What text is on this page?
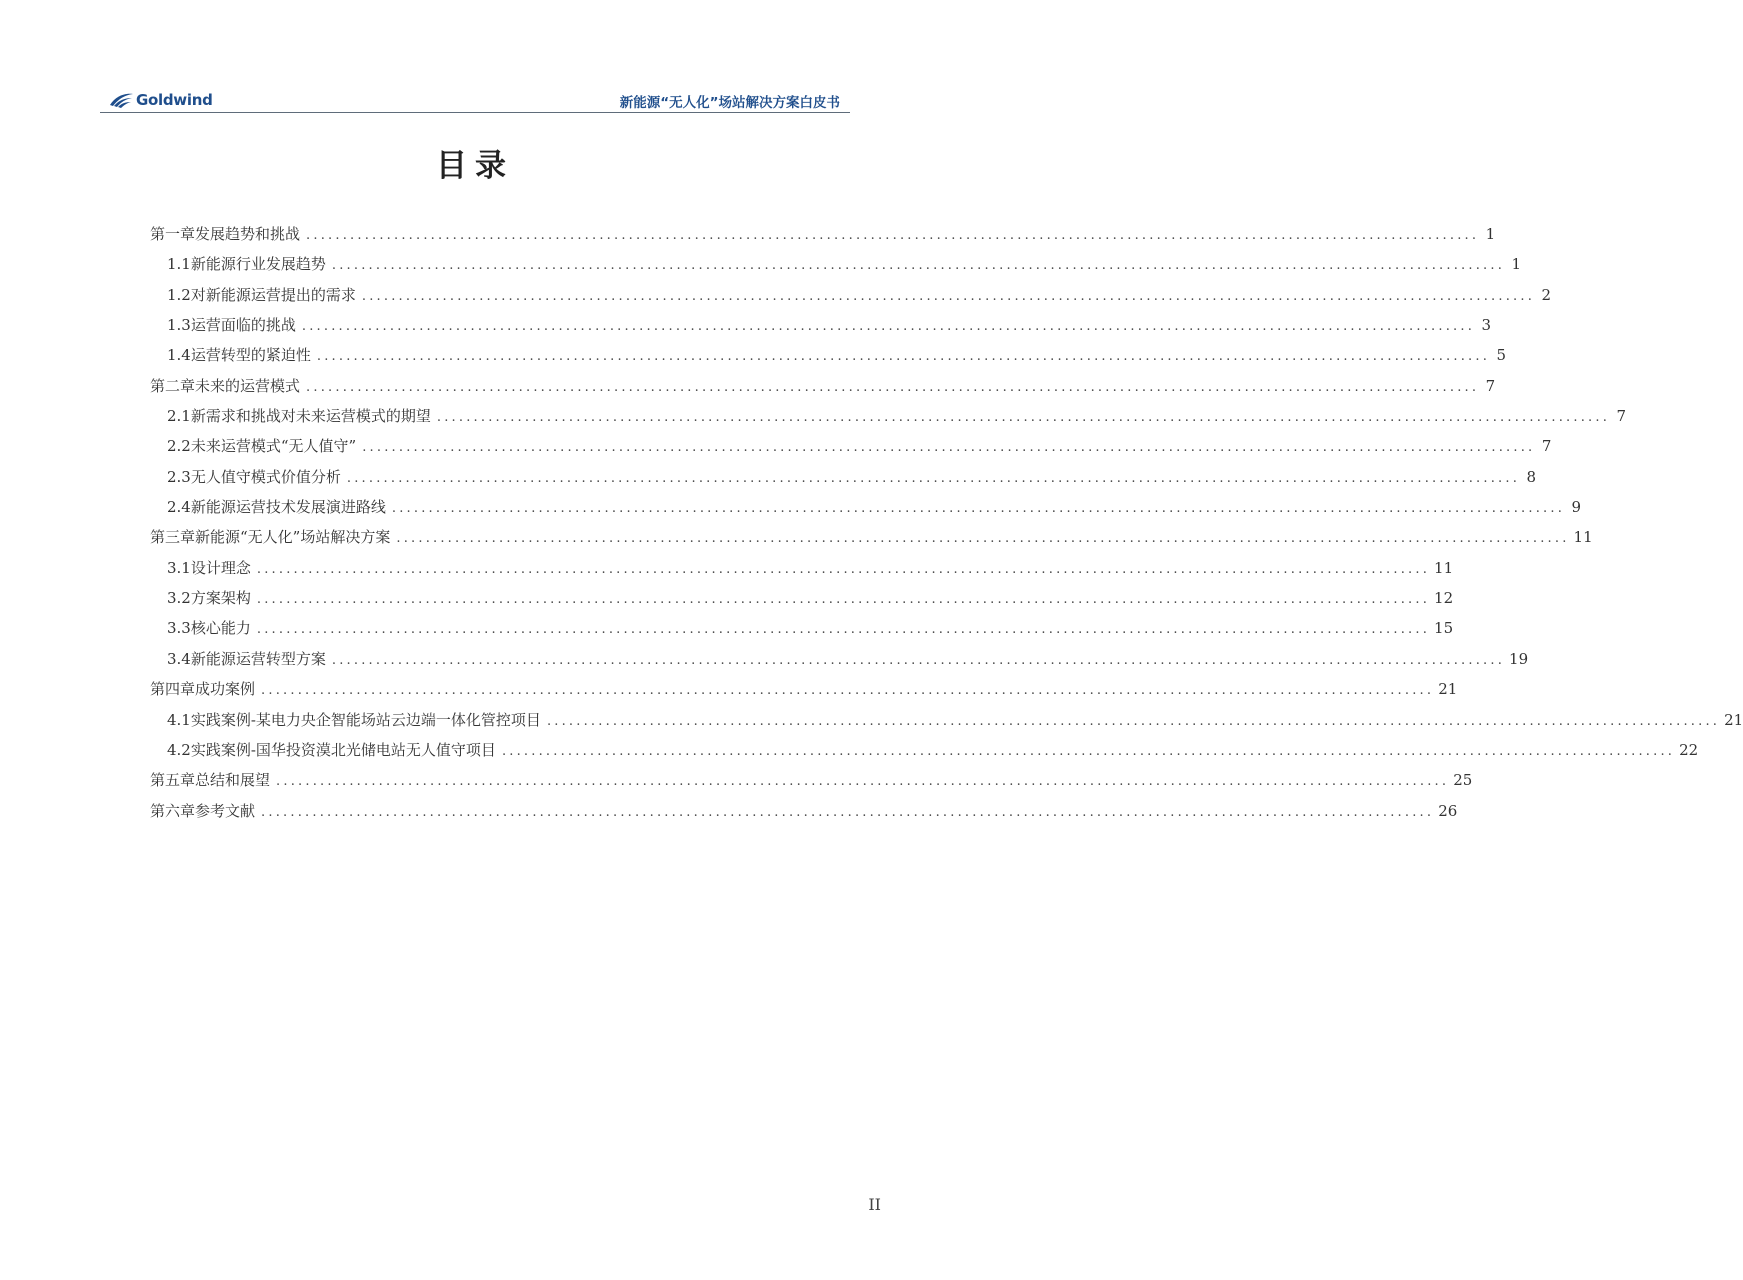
Goldwind	新能源“无人化”场站解决方案白皮书
目录
第一章 发展趋势和挑战 ................................................................................................................................................................ 1
1.1 新能源行业发展趋势 ................................................................................................................................................................ 1
1.2 对新能源运营提出的需求 ................................................................................................................................................................ 2
1.3 运营面临的挑战 ................................................................................................................................................................ 3
1.4 运营转型的紧迫性 ................................................................................................................................................................ 5
第二章 未来的运营模式 ................................................................................................................................................................ 7
2.1 新需求和挑战对未来运营模式的期望 ................................................................................................................................................................ 7
2.2 未来运营模式“无人值守” ................................................................................................................................................................ 7
2.3 无人值守模式价值分析 ................................................................................................................................................................ 8
2.4 新能源运营技术发展演进路线 ................................................................................................................................................................ 9
第三章 新能源“无人化”场站解决方案 ................................................................................................................................................................ 11
3.1 设计理念 ................................................................................................................................................................ 11
3.2 方案架构 ................................................................................................................................................................ 12
3.3 核心能力 ................................................................................................................................................................ 15
3.4 新能源运营转型方案 ................................................................................................................................................................ 19
第四章 成功案例 ................................................................................................................................................................ 21
4.1 实践案例-某电力央企智能场站云边端一体化管控项目 ................................................................................................................................................................ 21
4.2 实践案例-国华投资漠北光储电站无人值守项目 ................................................................................................................................................................ 22
第五章 总结和展望 ................................................................................................................................................................ 25
第六章 参考文献 ................................................................................................................................................................ 26
II
